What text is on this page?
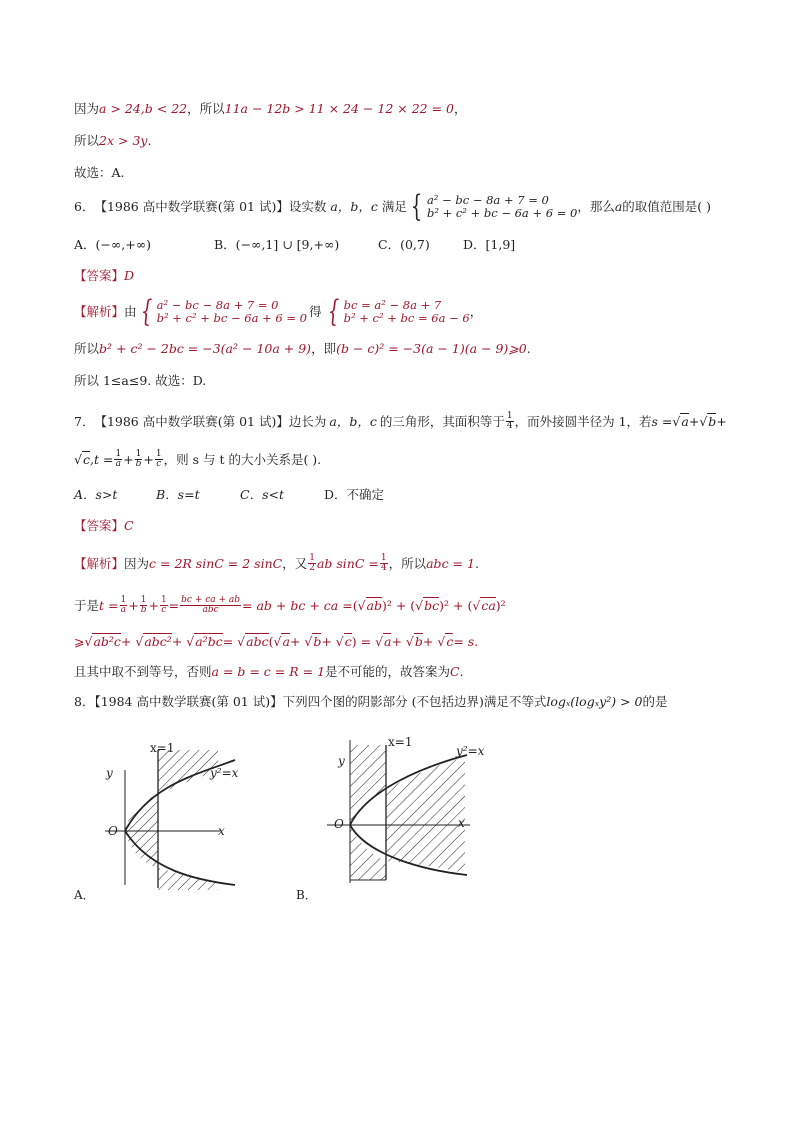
因为a > 24,b < 22，所以11a − 12b > 11 × 24 − 12 × 22 = 0，
所以2x > 3y.
故选：A.
6． 【1986 高中数学联赛(第 01 试)】 设实数 a，b，c 满足 { a² − bc − 8a + 7 = 0
b² + c² + bc − 6a + 6 = 0 ，那么 a 的取值范围是( )
A．(−∞,+∞)	B．(−∞,1] ∪ [9,+∞)	C．(0,7)	D．[1,9]
【答案】D
【解析】 由 { a² − bc − 8a + 7 = 0
b² + c² + bc − 6a + 6 = 0 得 { bc = a² − 8a + 7
b² + c² + bc = 6a − 6 ，
所以b² + c² − 2bc = −3(a² − 10a + 9)，即(b − c)² = −3(a − 1)(a − 9)⩾0.
所以 1≤a≤9. 故选：D.
7． 【1986 高中数学联赛(第 01 试)】 边长为 a，b，c 的三角形，其面积等于 $\frac{1}{4}$ ，而外接圆半径为 1，若 s = √ a + √ b +
√ c $,t = \frac{1}{a} + \frac{1}{b} + \frac{1}{c}$ ，则 s 与 t 的大小关系是( ).
A．s>t	B．s=t	C．s<t	D．不确定
【答案】C
【解析】 因为 c = 2R sinC = 2 sinC ，又 $\frac{1}{2}$ ab $\sin C = \frac{1}{4}$ ，所以 abc = 1 .
于是 $t = \frac{1}{a} + \frac{1}{b} + \frac{1}{c} = \frac{bc + ca + ab}{\text{abc}}$ = ab + bc + ca = (√ ab )² + (√ bc )² + (√ ca )²
⩾ √ ab²c + √ abc² + √ a²bc = √ abc (√ a + √ b + √ c ) = √ a + √ b + √ c = s.
且其中取不到等号，否则a = b = c = R = 1是不可能的，故答案为C.
8．【1984 高中数学联赛(第 01 试)】下列四个图的阴影部分 (不包括边界)满足不等式logₓ(logₓy²) > 0的是
y
x
O
x=1
y²=x
A．
y
x
O
x=1
y²=x
B．
